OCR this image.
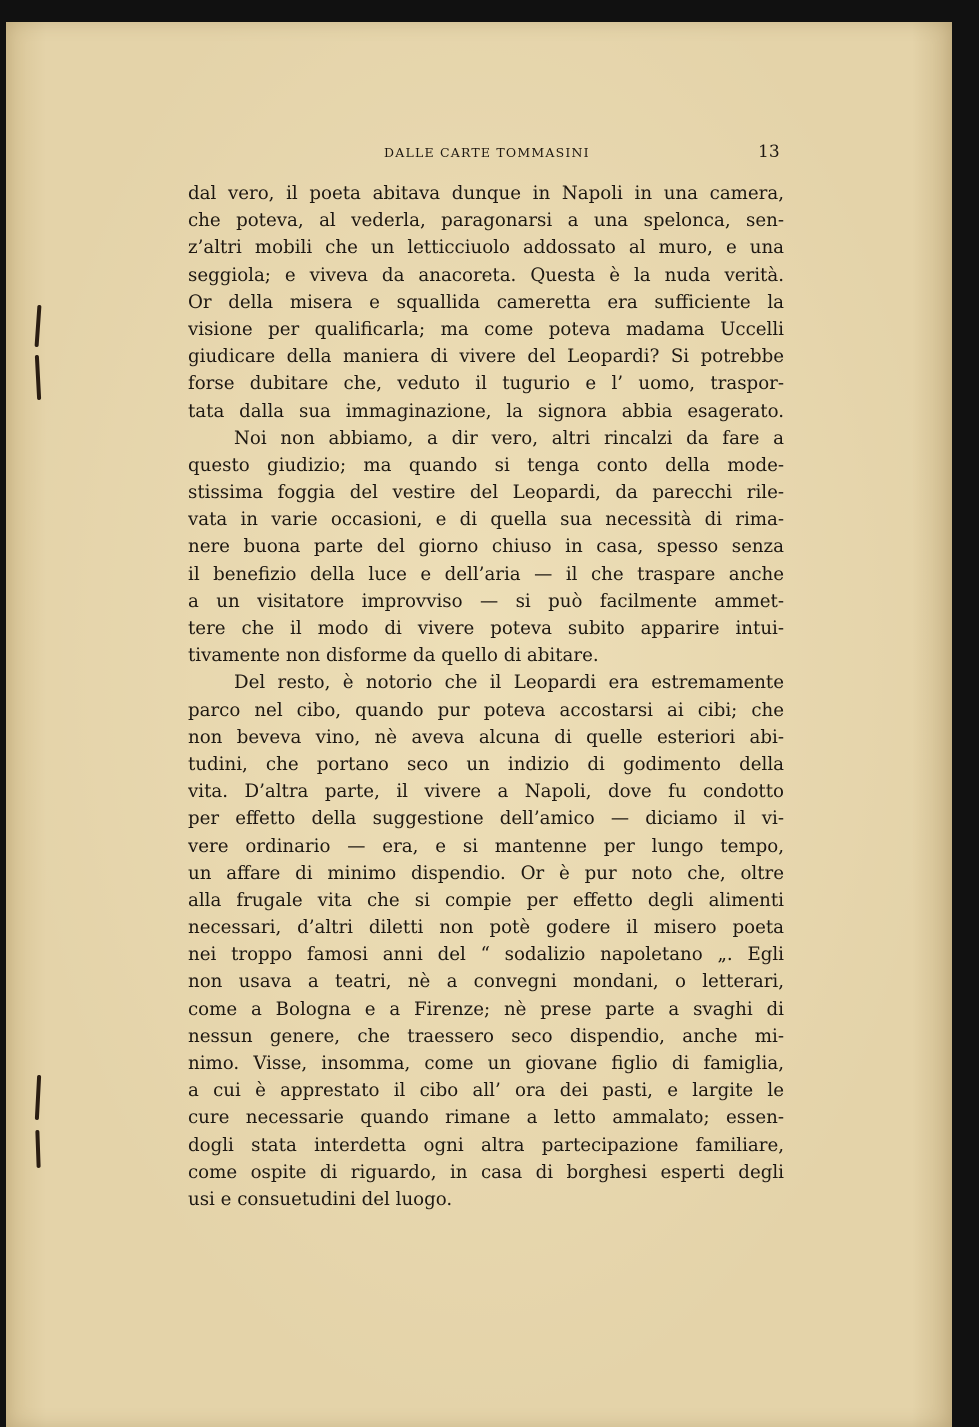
DALLE CARTE TOMMASINI	13
dal vero, il poeta abitava dunque in Napoli in una camera,
che poteva, al vederla, paragonarsi a una spelonca, sen-
z’altri mobili che un letticciuolo addossato al muro, e una
seggiola; e viveva da anacoreta. Questa è la nuda verità.
Or della misera e squallida cameretta era sufficiente la
visione per qualificarla; ma come poteva madama Uccelli
giudicare della maniera di vivere del Leopardi? Si potrebbe
forse dubitare che, veduto il tugurio e l’ uomo, traspor-
tata dalla sua immaginazione, la signora abbia esagerato.
Noi non abbiamo, a dir vero, altri rincalzi da fare a
questo giudizio; ma quando si tenga conto della mode-
stissima foggia del vestire del Leopardi, da parecchi rile-
vata in varie occasioni, e di quella sua necessità di rima-
nere buona parte del giorno chiuso in casa, spesso senza
il benefizio della luce e dell’aria — il che traspare anche
a un visitatore improvviso — si può facilmente ammet-
tere che il modo di vivere poteva subito apparire intui-
tivamente non disforme da quello di abitare.
Del resto, è notorio che il Leopardi era estremamente
parco nel cibo, quando pur poteva accostarsi ai cibi; che
non beveva vino, nè aveva alcuna di quelle esteriori abi-
tudini, che portano seco un indizio di godimento della
vita. D’altra parte, il vivere a Napoli, dove fu condotto
per effetto della suggestione dell’amico — diciamo il vi-
vere ordinario — era, e si mantenne per lungo tempo,
un affare di minimo dispendio. Or è pur noto che, oltre
alla frugale vita che si compie per effetto degli alimenti
necessari, d’altri diletti non potè godere il misero poeta
nei troppo famosi anni del “ sodalizio napoletano „. Egli
non usava a teatri, nè a convegni mondani, o letterari,
come a Bologna e a Firenze; nè prese parte a svaghi di
nessun genere, che traessero seco dispendio, anche mi-
nimo. Visse, insomma, come un giovane figlio di famiglia,
a cui è apprestato il cibo all’ ora dei pasti, e largite le
cure necessarie quando rimane a letto ammalato; essen-
dogli stata interdetta ogni altra partecipazione familiare,
come ospite di riguardo, in casa di borghesi esperti degli
usi e consuetudini del luogo.
